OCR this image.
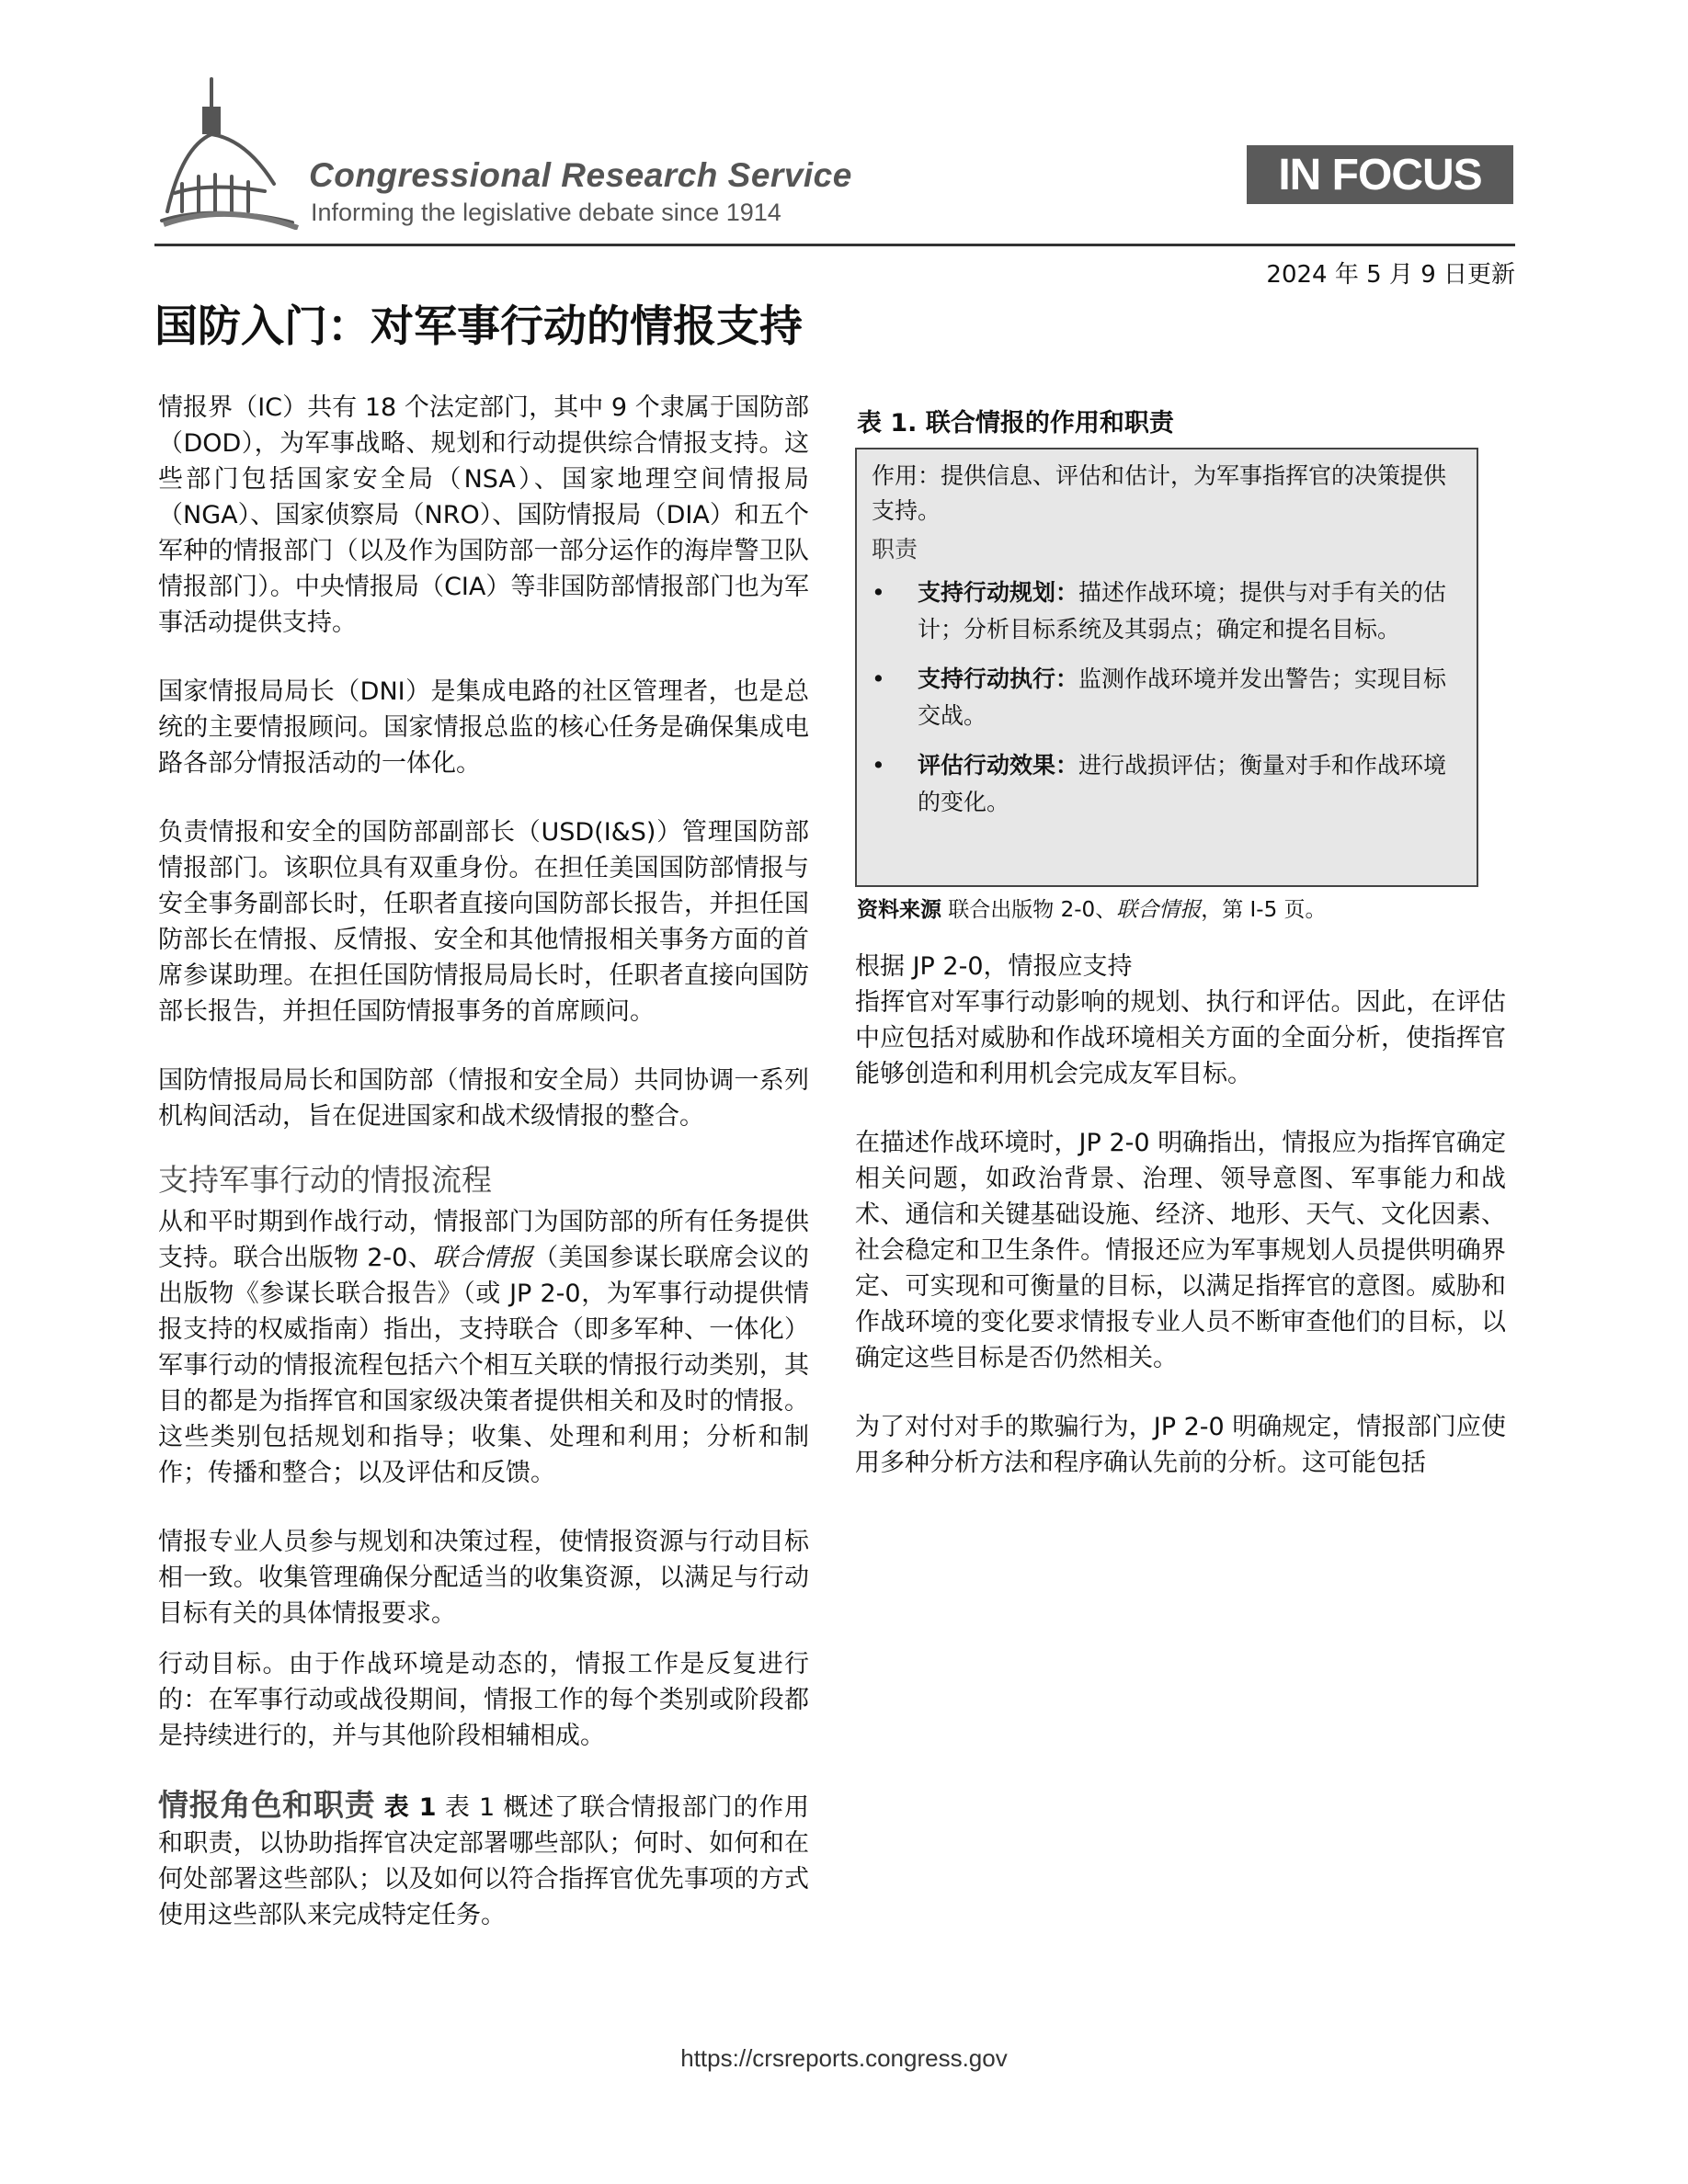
Congressional Research Service
Informing the legislative debate since 1914
IN FOCUS
2024 年 5 月 9 日更新
国防入门：对军事行动的情报支持

情报界（IC）共有 18 个法定部门，其中 9 个隶属于国防部（DOD），为军事战略、规划和行动提供综合情报支持。这些部门包括国家安全局（NSA）、国家地理空间情报局（NGA）、国家侦察局（NRO）、国防情报局（DIA）和五个军种的情报部门（以及作为国防部一部分运作的海岸警卫队情报部门）。中央情报局（CIA）等非国防部情报部门也为军事活动提供支持。

国家情报局局长（DNI）是集成电路的社区管理者，也是总统的主要情报顾问。国家情报总监的核心任务是确保集成电路各部分情报活动的一体化。

负责情报和安全的国防部副部长（USD(I&S)）管理国防部情报部门。该职位具有双重身份。在担任美国国防部情报与安全事务副部长时，任职者直接向国防部长报告，并担任国防部长在情报、反情报、安全和其他情报相关事务方面的首席参谋助理。在担任国防情报局局长时，任职者直接向国防部长报告，并担任国防情报事务的首席顾问。

国防情报局局长和国防部（情报和安全局）共同协调一系列机构间活动，旨在促进国家和战术级情报的整合。

支持军事行动的情报流程

从和平时期到作战行动，情报部门为国防部的所有任务提供支持。联合出版物 2-0、联合情报（美国参谋长联席会议的出版物《参谋长联合报告》（或 JP 2-0，为军事行动提供情报支持的权威指南）指出，支持联合（即多军种、一体化）军事行动的情报流程包括六个相互关联的情报行动类别，其目的都是为指挥官和国家级决策者提供相关和及时的情报。这些类别包括规划和指导；收集、处理和利用；分析和制作；传播和整合；以及评估和反馈。

情报专业人员参与规划和决策过程，使情报资源与行动目标相一致。收集管理确保分配适当的收集资源，以满足与行动目标有关的具体情报要求。

行动目标。由于作战环境是动态的，情报工作是反复进行的：在军事行动或战役期间，情报工作的每个类别或阶段都是持续进行的，并与其他阶段相辅相成。

情报角色和职责 表 1 表 1 概述了联合情报部门的作用和职责，以协助指挥官决定部署哪些部队；何时、如何和在何处部署这些部队；以及如何以符合指挥官优先事项的方式使用这些部队来完成特定任务。

表 1. 联合情报的作用和职责
作用：提供信息、评估和估计，为军事指挥官的决策提供支持。
职责
• 支持行动规划：描述作战环境；提供与对手有关的估计；分析目标系统及其弱点；确定和提名目标。
• 支持行动执行：监测作战环境并发出警告；实现目标交战。
• 评估行动效果：进行战损评估；衡量对手和作战环境的变化。
资料来源 联合出版物 2-0、联合情报，第 I-5 页。

根据 JP 2-0，情报应支持
指挥官对军事行动影响的规划、执行和评估。因此，在评估中应包括对威胁和作战环境相关方面的全面分析，使指挥官能够创造和利用机会完成友军目标。

在描述作战环境时，JP 2-0 明确指出，情报应为指挥官确定相关问题，如政治背景、治理、领导意图、军事能力和战术、通信和关键基础设施、经济、地形、天气、文化因素、社会稳定和卫生条件。情报还应为军事规划人员提供明确界定、可实现和可衡量的目标，以满足指挥官的意图。威胁和作战环境的变化要求情报专业人员不断审查他们的目标，以确定这些目标是否仍然相关。

为了对付对手的欺骗行为，JP 2-0 明确规定，情报部门应使用多种分析方法和程序确认先前的分析。这可能包括

https://crsreports.congress.gov
